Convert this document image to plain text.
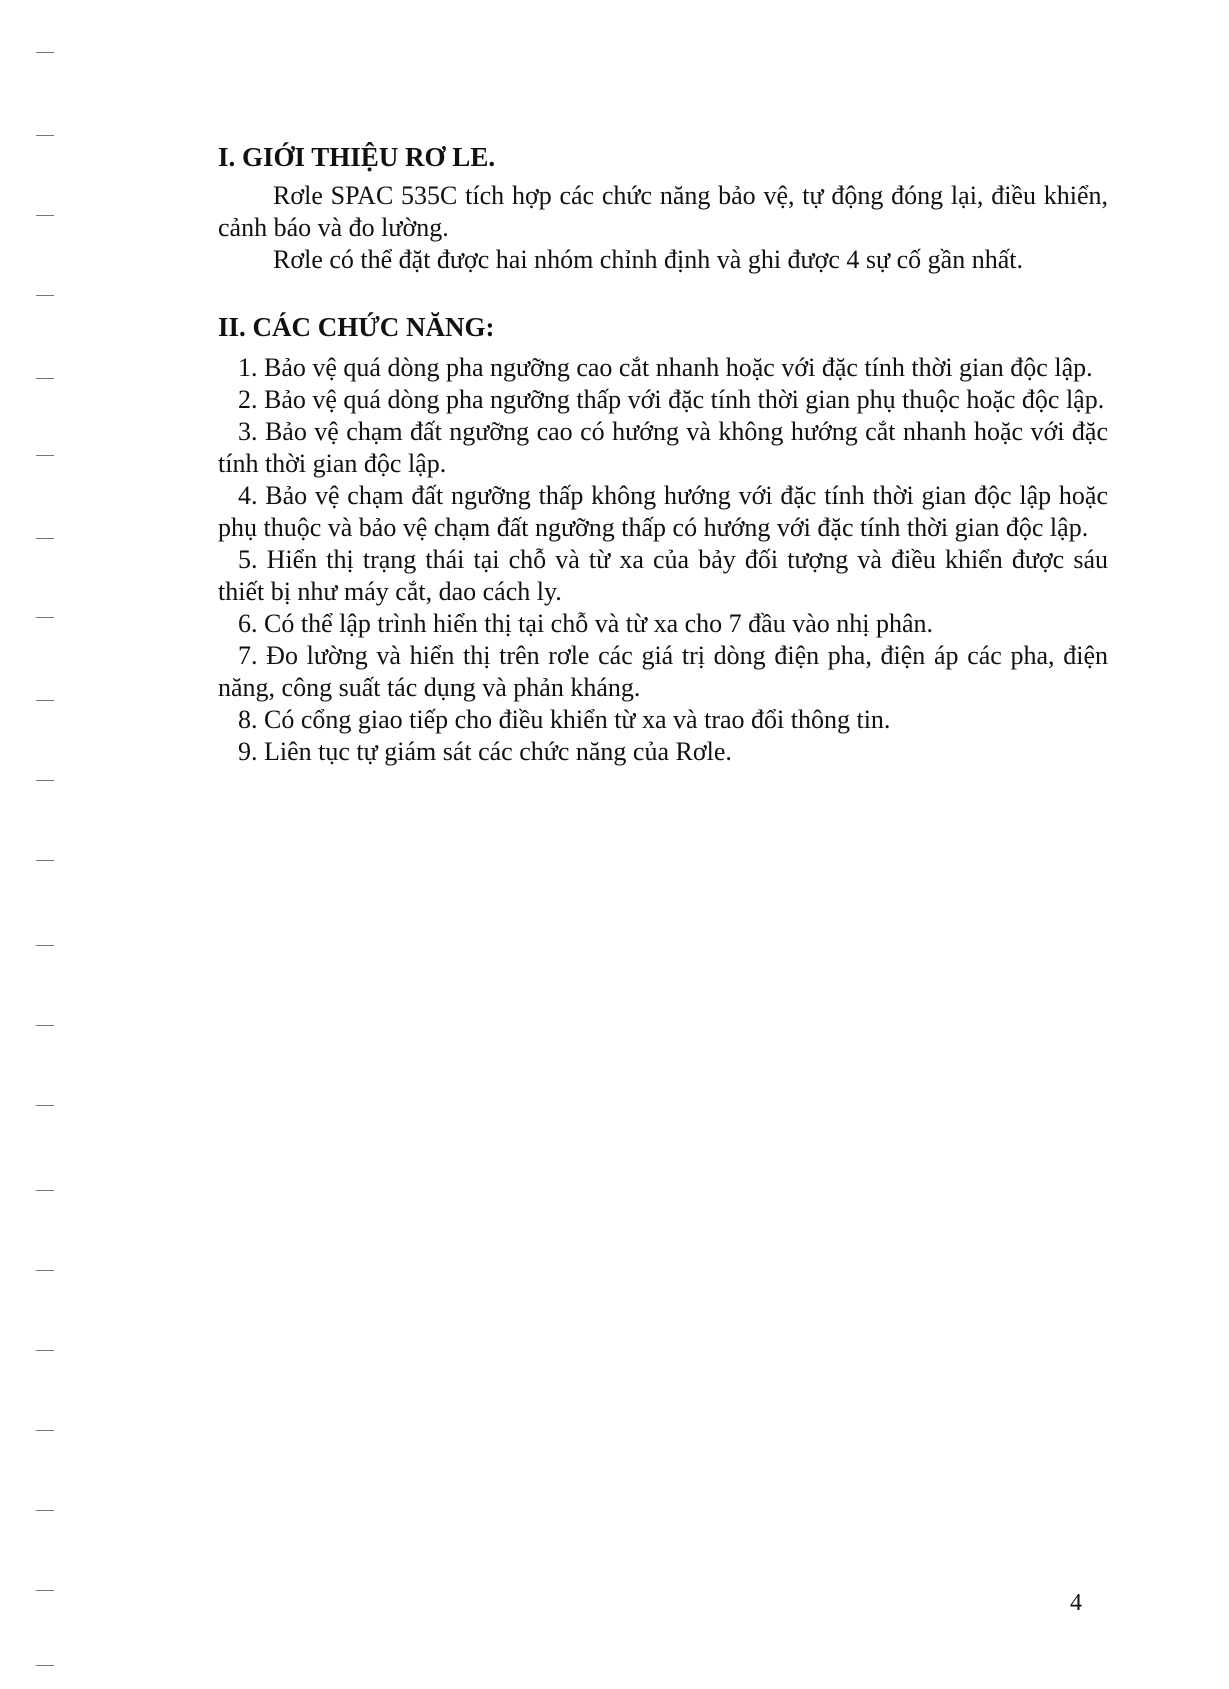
I. GIỚI THIỆU RƠ LE.

Rơle SPAC 535C tích hợp các chức năng bảo vệ, tự động đóng lại, điều khiển, cảnh báo và đo lường.

Rơle có thể đặt được hai nhóm chỉnh định và ghi được 4 sự cố gần nhất.

II. CÁC CHỨC NĂNG:
1. Bảo vệ quá dòng pha ngưỡng cao cắt nhanh hoặc với đặc tính thời gian độc lập.
2. Bảo vệ quá dòng pha ngưỡng thấp với đặc tính thời gian phụ thuộc hoặc độc lập.
3. Bảo vệ chạm đất ngưỡng cao có hướng và không hướng cắt nhanh hoặc với đặc tính thời gian độc lập.
4. Bảo vệ chạm đất ngưỡng thấp không hướng với đặc tính thời gian độc lập hoặc phụ thuộc và bảo vệ chạm đất ngưỡng thấp có hướng với đặc tính thời gian độc lập.
5. Hiển thị trạng thái tại chỗ và từ xa của bảy đối tượng và điều khiển được sáu thiết bị như máy cắt, dao cách ly.
6. Có thể lập trình hiển thị tại chỗ và từ xa cho 7 đầu vào nhị phân.
7. Đo lường và hiển thị trên rơle các giá trị dòng điện pha, điện áp các pha, điện năng, công suất tác dụng và phản kháng.
8. Có cổng giao tiếp cho điều khiển từ xa và trao đổi thông tin.
9. Liên tục tự giám sát các chức năng của Rơle.
4
